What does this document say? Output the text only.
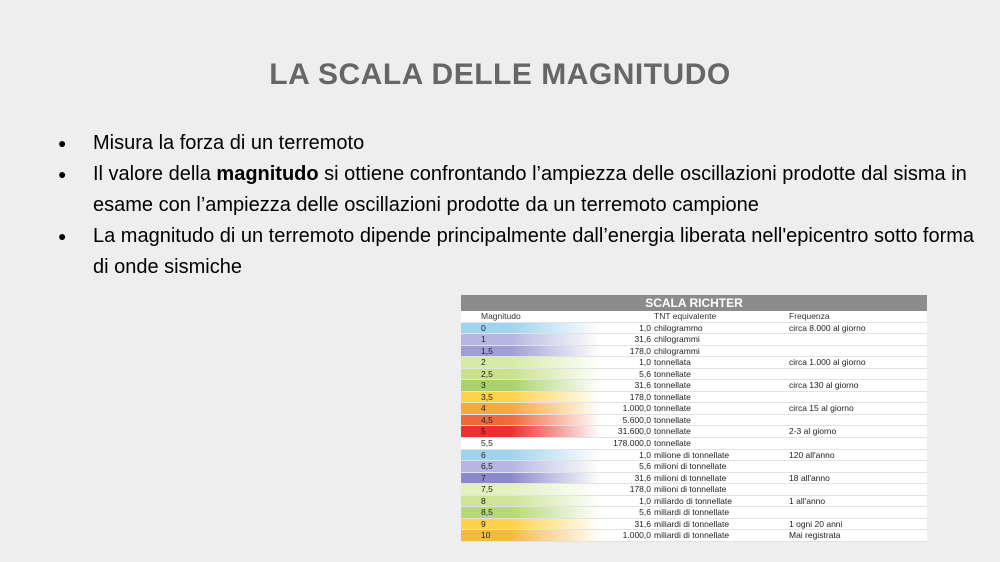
LA SCALA DELLE MAGNITUDO
● Misura la forza di un terremoto
● Il valore della magnitudo si ottiene confrontando l’ampiezza delle oscillazioni prodotte dal sisma in esame con l’ampiezza delle oscillazioni prodotte da un terremoto campione
● La magnitudo di un terremoto dipende principalmente dall’energia liberata nell'epicentro sotto forma di onde sismiche
SCALA RICHTER
Magnitudo		TNT equivalente	Frequenza
0	1,0	chilogrammo	circa 8.000 al giorno
1	31,6	chilogrammi	
1,5	178,0	chilogrammi	
2	1,0	tonnellata	circa 1.000 al giorno
2,5	5,6	tonnellate	
3	31,6	tonnellate	circa 130 al giorno
3,5	178,0	tonnellate	
4	1.000,0	tonnellate	circa 15 al giorno
4,5	5.600,0	tonnellate	
5	31.600,0	tonnellate	2-3 al giorno
5,5	178.000,0	tonnellate	
6	1,0	milione di tonnellate	120 all'anno
6,5	5,6	milioni di tonnellate	
7	31,6	milioni di tonnellate	18 all'anno
7,5	178,0	milioni di tonnellate	
8	1,0	miliardo di tonnellate	1 all'anno
8,5	5,6	miliardi di tonnellate	
9	31,6	miliardi di tonnellate	1 ogni 20 anni
10	1.000,0	miliardi di tonnellate	Mai registrata
